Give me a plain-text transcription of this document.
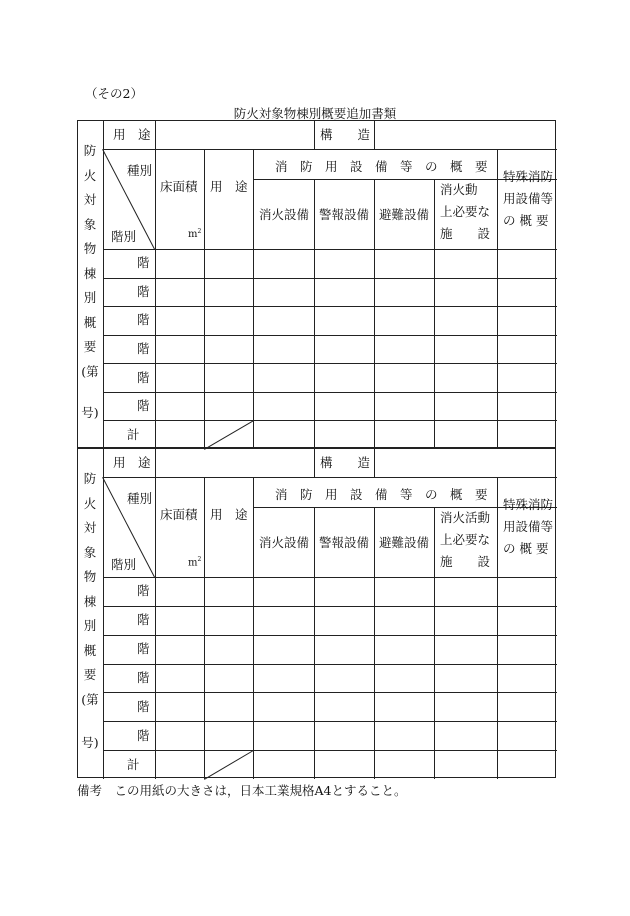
（その2）
防火対象物棟別概要追加書類
防
火
対
象
物
棟
別
概
要
(第
号)
用　途	構　　造
種別
階別
床面積
$m^2$
用　途
消　防　用　設　備　等　の　概　要
消火設備 警報設備 避難設備
消火動
上必要な
施　　設
特殊消防
用設備等
の 概 要
階
階
階
階
階
階
計
防
火
対
象
物
棟
別
概
要
(第
号)
用　途	構　　造
種別
階別
床面積
$m^2$
用　途
消　防　用　設　備　等　の　概　要
消火設備 警報設備 避難設備
消火活動
上必要な
施　　設
特殊消防
用設備等
の 概 要
階
階
階
階
階
階
計
備考　この用紙の大きさは，日本工業規格A4とすること。
